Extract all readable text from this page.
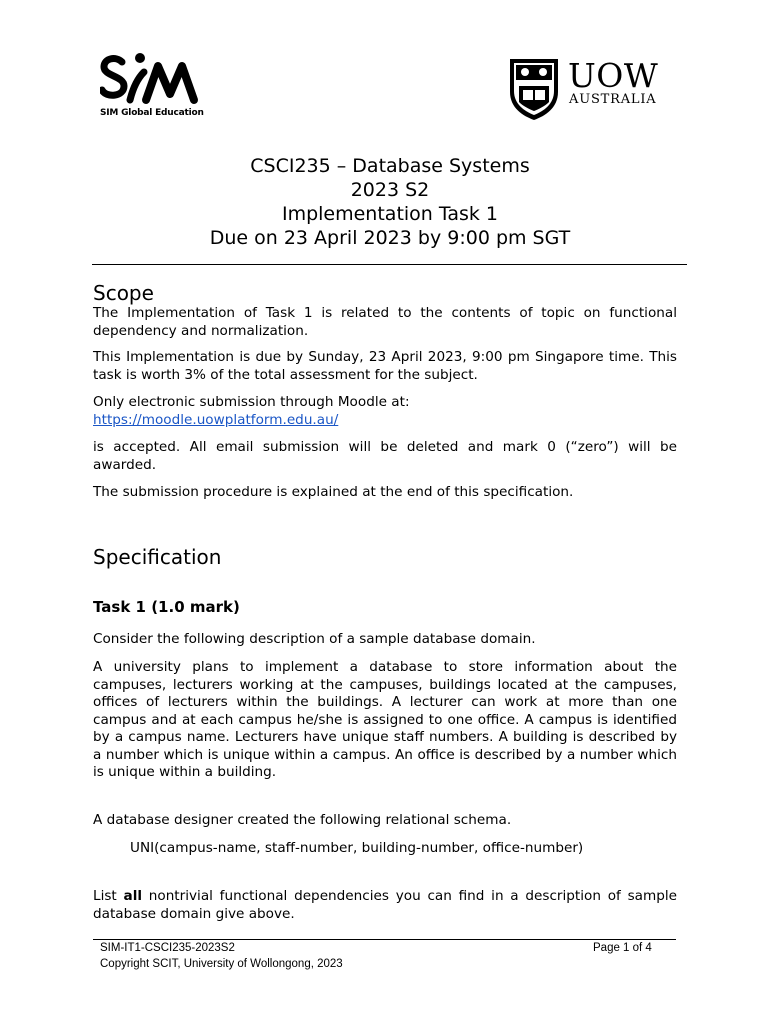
SIM Global Education
UOW
AUSTRALIA
CSCI235 – Database Systems
2023 S2
Implementation Task 1
Due on 23 April 2023 by 9:00 pm SGT
Scope
The Implementation of Task 1 is related to the contents of topic on functional dependency and normalization.
This Implementation is due by Sunday, 23 April 2023, 9:00 pm Singapore time. This task is worth 3% of the total assessment for the subject.
Only electronic submission through Moodle at:
https://moodle.uowplatform.edu.au/
is accepted. All email submission will be deleted and mark 0 (“zero”) will be awarded.
The submission procedure is explained at the end of this specification.
Specification
Task 1 (1.0 mark)
Consider the following description of a sample database domain.
A university plans to implement a database to store information about the campuses, lecturers working at the campuses, buildings located at the campuses, offices of lecturers within the buildings. A lecturer can work at more than one campus and at each campus he/she is assigned to one office. A campus is identified by a campus name. Lecturers have unique staff numbers. A building is described by a number which is unique within a campus. An office is described by a number which is unique within a building.
A database designer created the following relational schema.
UNI(campus-name, staff-number, building-number, office-number)
List all nontrivial functional dependencies you can find in a description of sample database domain give above.
SIM-IT1-CSCI235-2023S2	Page 1 of 4
Copyright SCIT, University of Wollongong, 2023
